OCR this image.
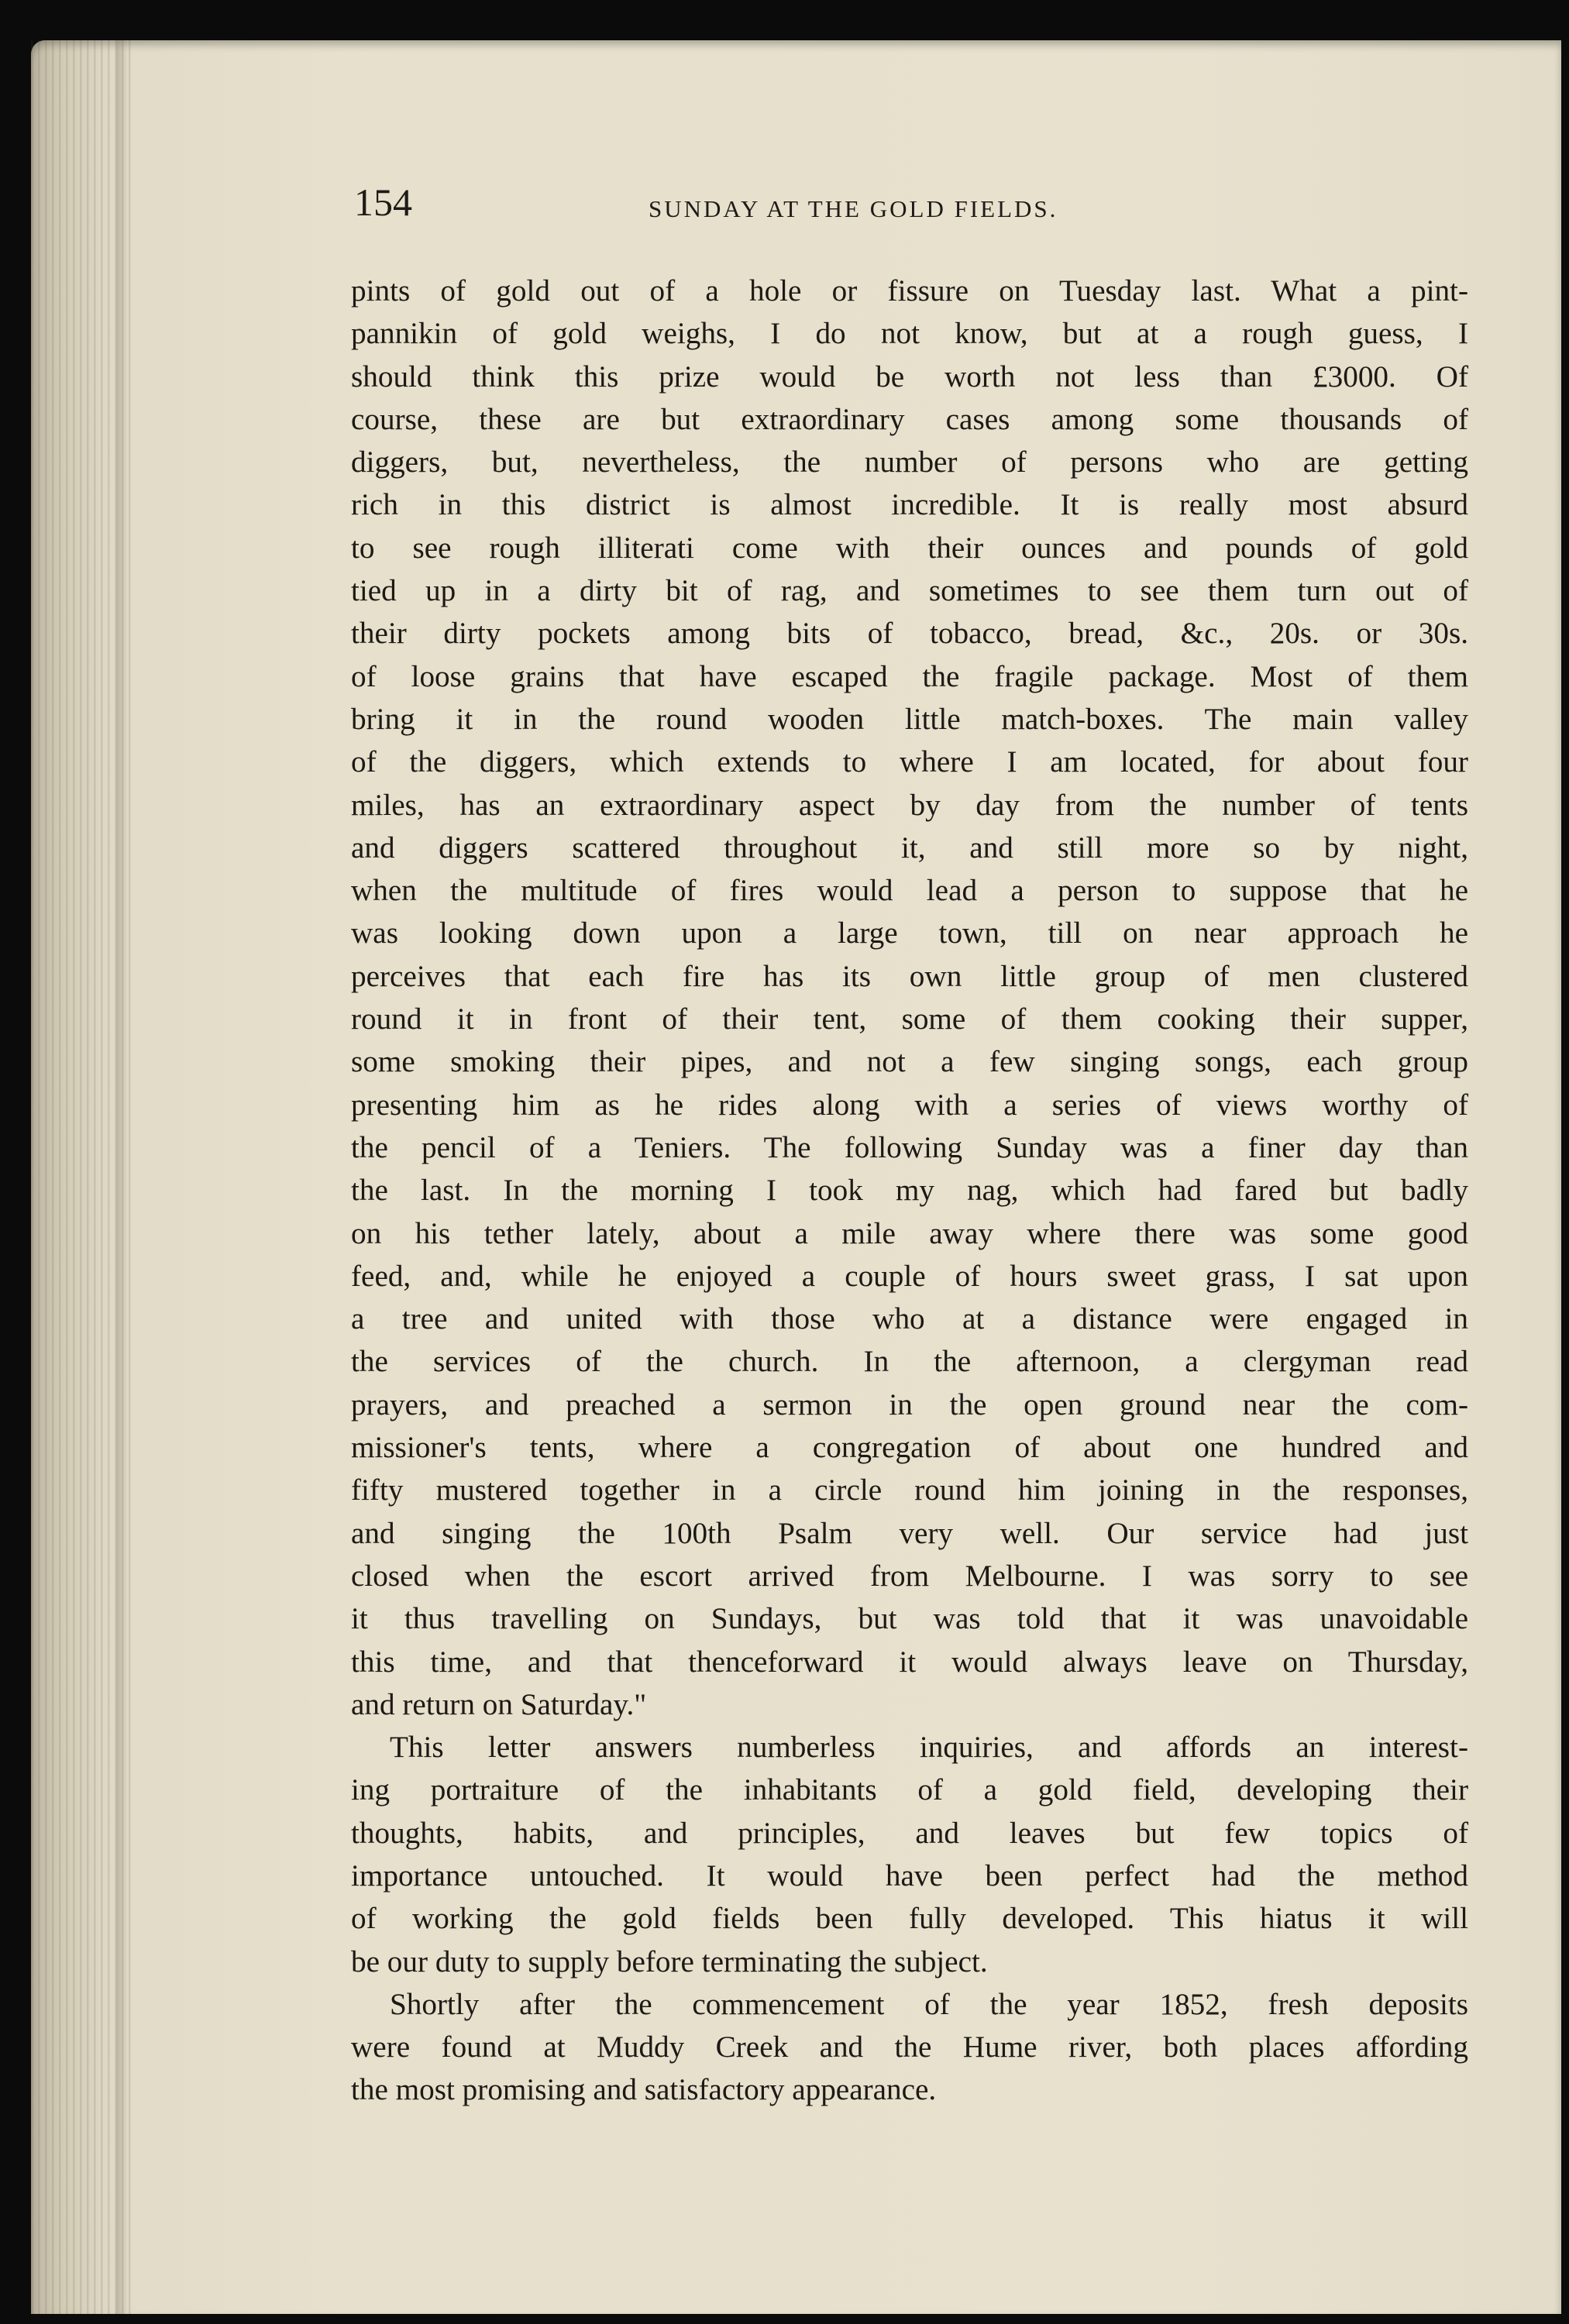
154	SUNDAY AT THE GOLD FIELDS.
pints of gold out of a hole or fissure on Tuesday last. What a pint-
pannikin of gold weighs, I do not know, but at a rough guess, I
should think this prize would be worth not less than £3000. Of
course, these are but extraordinary cases among some thousands of
diggers, but, nevertheless, the number of persons who are getting
rich in this district is almost incredible. It is really most absurd
to see rough illiterati come with their ounces and pounds of gold
tied up in a dirty bit of rag, and sometimes to see them turn out of
their dirty pockets among bits of tobacco, bread, &c., 20s. or 30s.
of loose grains that have escaped the fragile package. Most of them
bring it in the round wooden little match-boxes. The main valley
of the diggers, which extends to where I am located, for about four
miles, has an extraordinary aspect by day from the number of tents
and diggers scattered throughout it, and still more so by night,
when the multitude of fires would lead a person to suppose that he
was looking down upon a large town, till on near approach he
perceives that each fire has its own little group of men clustered
round it in front of their tent, some of them cooking their supper,
some smoking their pipes, and not a few singing songs, each group
presenting him as he rides along with a series of views worthy of
the pencil of a Teniers. The following Sunday was a finer day than
the last. In the morning I took my nag, which had fared but badly
on his tether lately, about a mile away where there was some good
feed, and, while he enjoyed a couple of hours sweet grass, I sat upon
a tree and united with those who at a distance were engaged in
the services of the church. In the afternoon, a clergyman read
prayers, and preached a sermon in the open ground near the com-
missioner's tents, where a congregation of about one hundred and
fifty mustered together in a circle round him joining in the responses,
and singing the 100th Psalm very well. Our service had just
closed when the escort arrived from Melbourne. I was sorry to see
it thus travelling on Sundays, but was told that it was unavoidable
this time, and that thenceforward it would always leave on Thursday,
and return on Saturday."
This letter answers numberless inquiries, and affords an interest-
ing portraiture of the inhabitants of a gold field, developing their
thoughts, habits, and principles, and leaves but few topics of
importance untouched. It would have been perfect had the method
of working the gold fields been fully developed. This hiatus it will
be our duty to supply before terminating the subject.
Shortly after the commencement of the year 1852, fresh deposits
were found at Muddy Creek and the Hume river, both places affording
the most promising and satisfactory appearance.
